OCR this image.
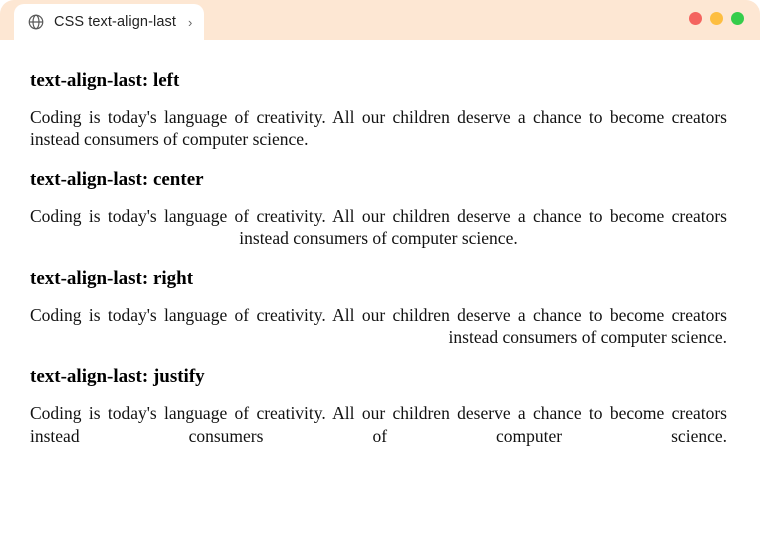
CSS text-align-last ›
text-align-last: left

Coding is today's language of creativity. All our children deserve a chance to become creators instead consumers of computer science.

text-align-last: center

Coding is today's language of creativity. All our children deserve a chance to become creators instead consumers of computer science.

text-align-last: right

Coding is today's language of creativity. All our children deserve a chance to become creators instead consumers of computer science.

text-align-last: justify

Coding is today's language of creativity. All our children deserve a chance to become creators instead consumers of computer science.
